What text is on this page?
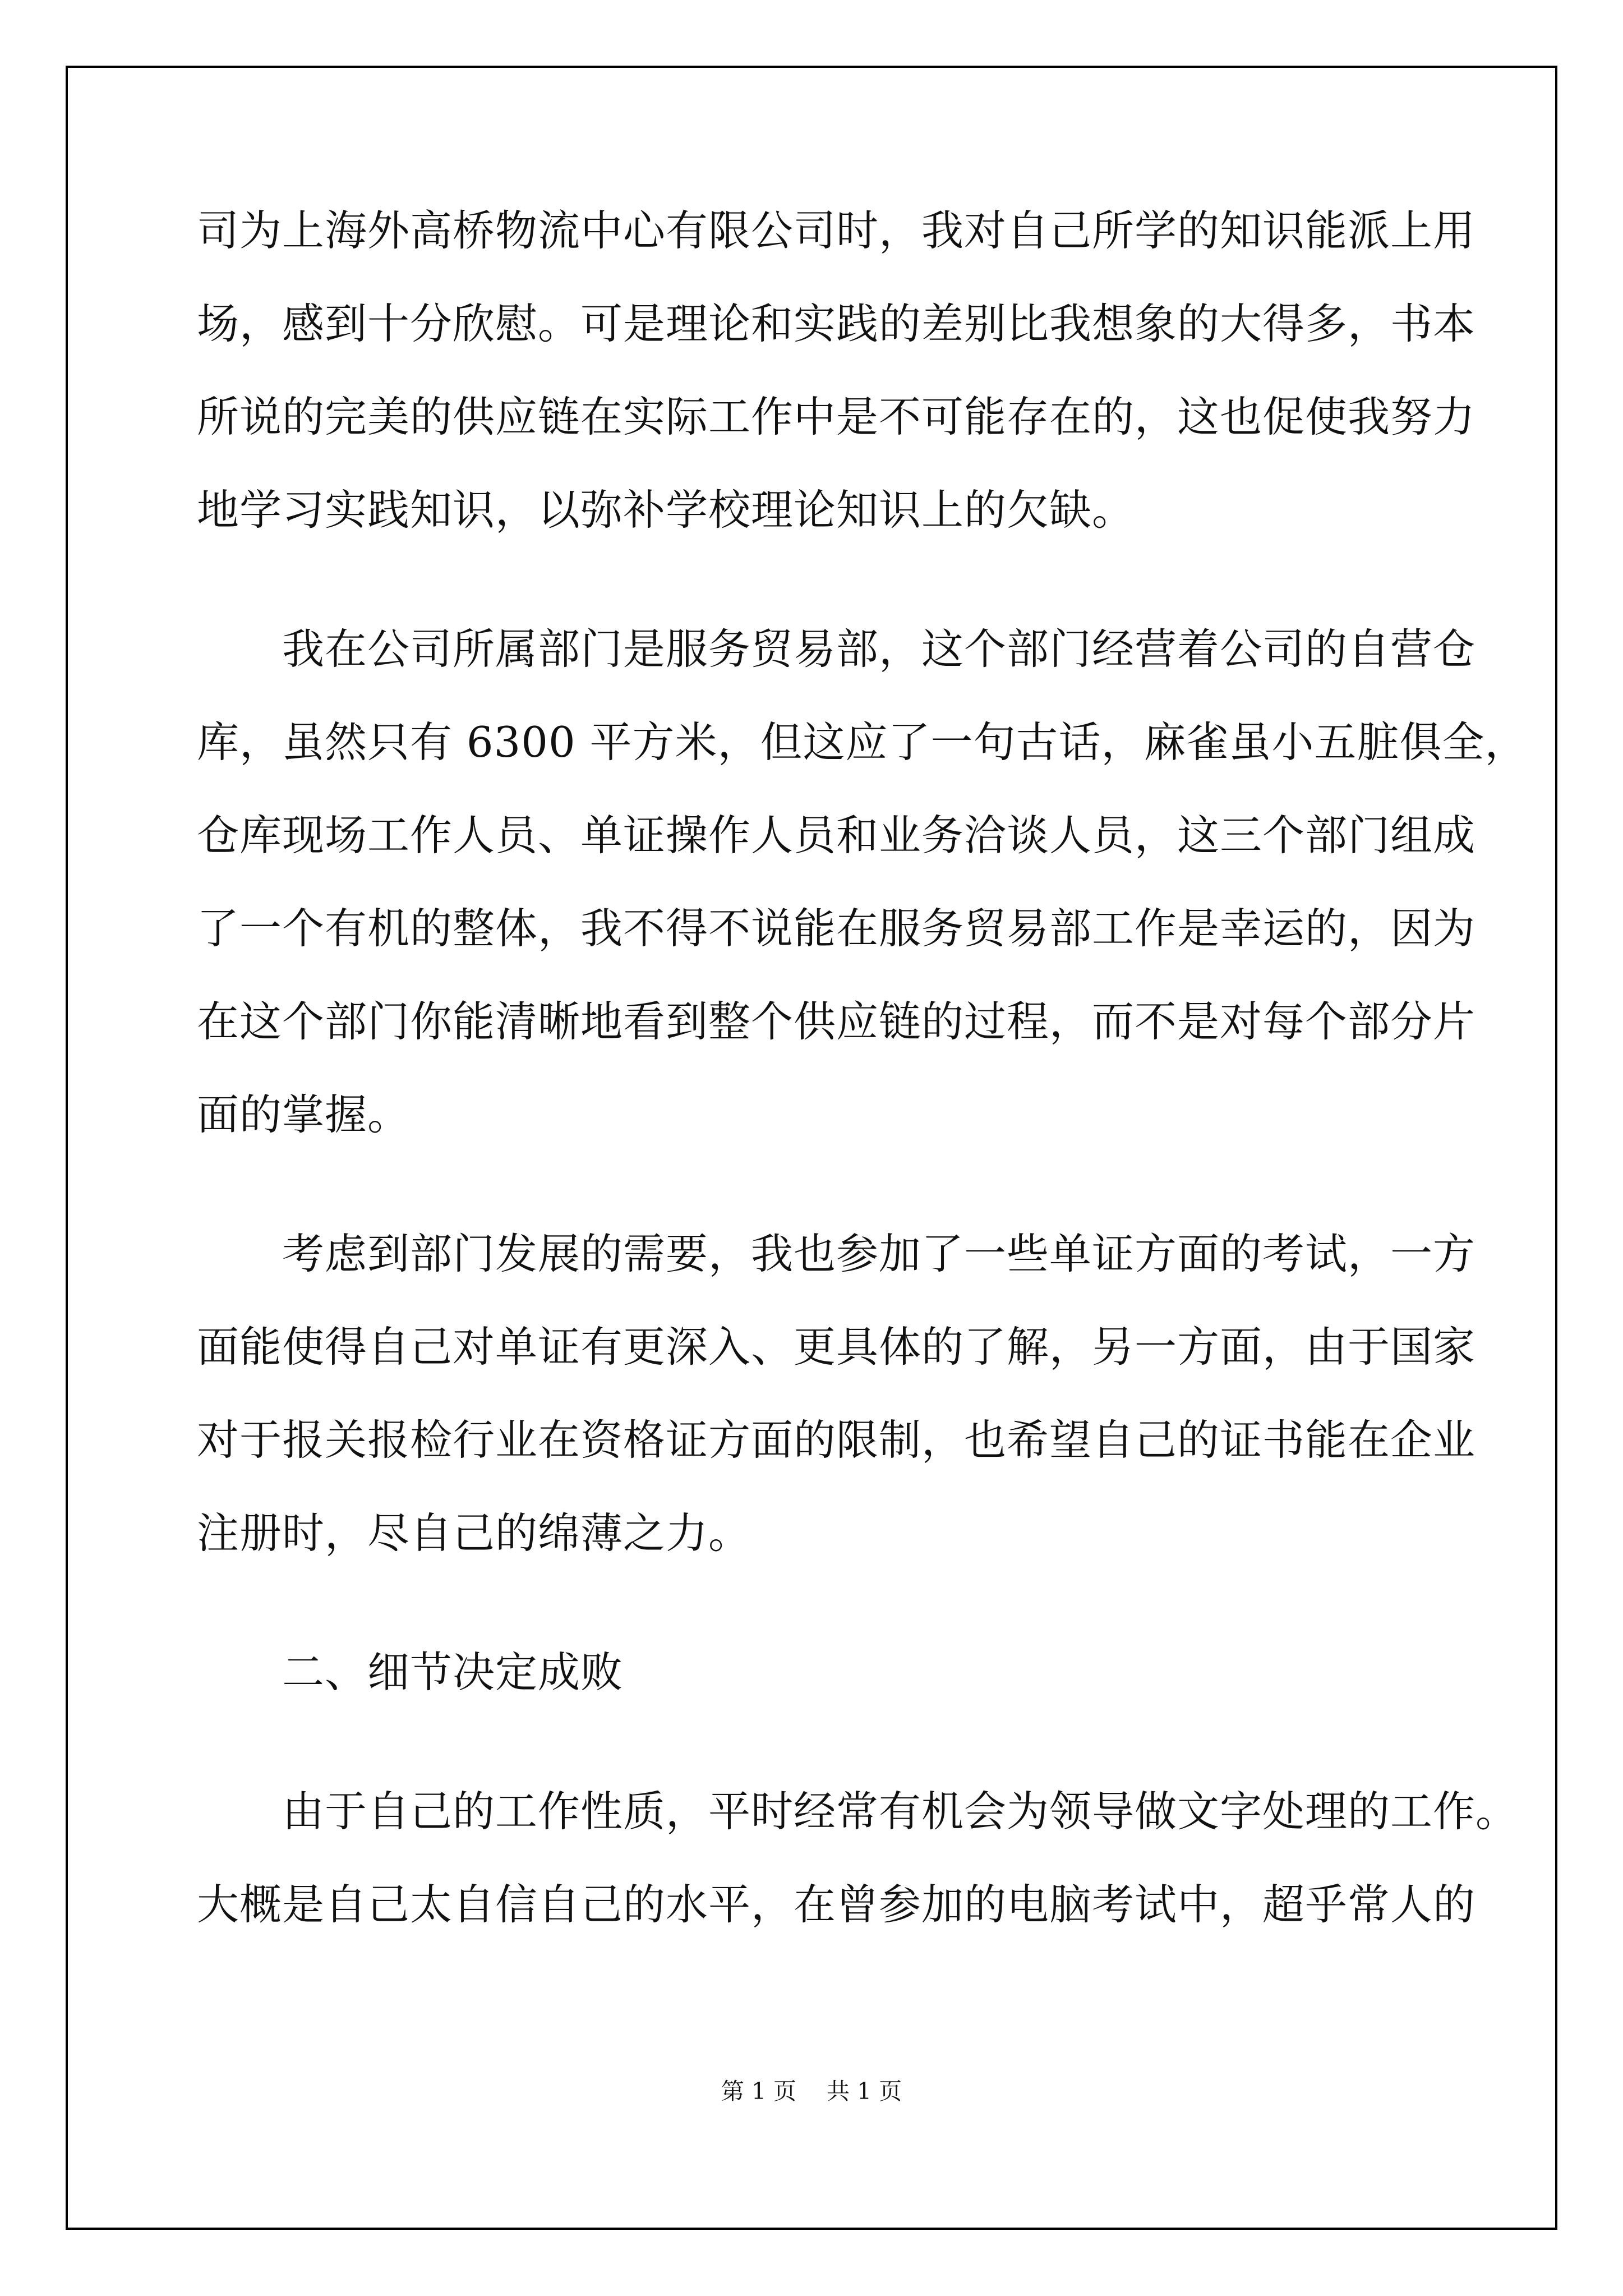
司为上海外高桥物流中心有限公司时，我对自己所学的知识能派上用
场，感到十分欣慰。可是理论和实践的差别比我想象的大得多，书本
所说的完美的供应链在实际工作中是不可能存在的，这也促使我努力
地学习实践知识，以弥补学校理论知识上的欠缺。
　　我在公司所属部门是服务贸易部，这个部门经营着公司的自营仓
库，虽然只有 6300 平方米，但这应了一句古话，麻雀虽小五脏俱全，
仓库现场工作人员、单证操作人员和业务洽谈人员，这三个部门组成
了一个有机的整体，我不得不说能在服务贸易部工作是幸运的，因为
在这个部门你能清晰地看到整个供应链的过程，而不是对每个部分片
面的掌握。
　　考虑到部门发展的需要，我也参加了一些单证方面的考试，一方
面能使得自己对单证有更深入、更具体的了解，另一方面，由于国家
对于报关报检行业在资格证方面的限制，也希望自己的证书能在企业
注册时，尽自己的绵薄之力。
　　二、细节决定成败
　　由于自己的工作性质，平时经常有机会为领导做文字处理的工作。
大概是自己太自信自己的水平，在曾参加的电脑考试中，超乎常人的
第 1 页　 共 1 页
